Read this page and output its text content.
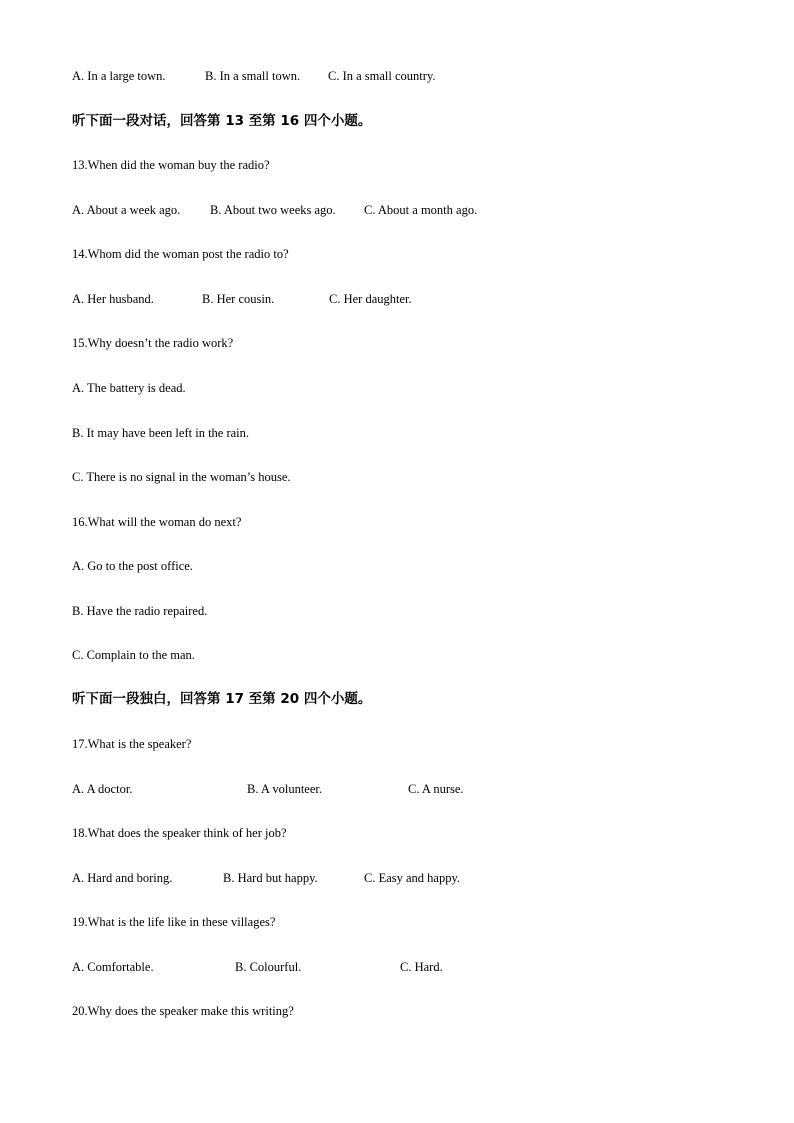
A. In a large town.	B. In a small town. C. In a small country.
听下面一段对话，回答第 13 至第 16 四个小题。
13.When did the woman buy the radio?
A. About a week ago. B. About two weeks ago. C. About a month ago.
14.Whom did the woman post the radio to?
A. Her husband.	B. Her cousin.	C. Her daughter.
15.Why doesn’t the radio work?
A. The battery is dead.
B. It may have been left in the rain.
C. There is no signal in the woman’s house.
16.What will the woman do next?
A. Go to the post office.
B. Have the radio repaired.
C. Complain to the man.
听下面一段独白，回答第 17 至第 20 四个小题。
17.What is the speaker?
A. A doctor.	B. A volunteer.	C. A nurse.
18.What does the speaker think of her job?
A. Hard and boring.	B. Hard but happy.	C. Easy and happy.
19.What is the life like in these villages?
A. Comfortable.	B. Colourful.	C. Hard.
20.Why does the speaker make this writing?
